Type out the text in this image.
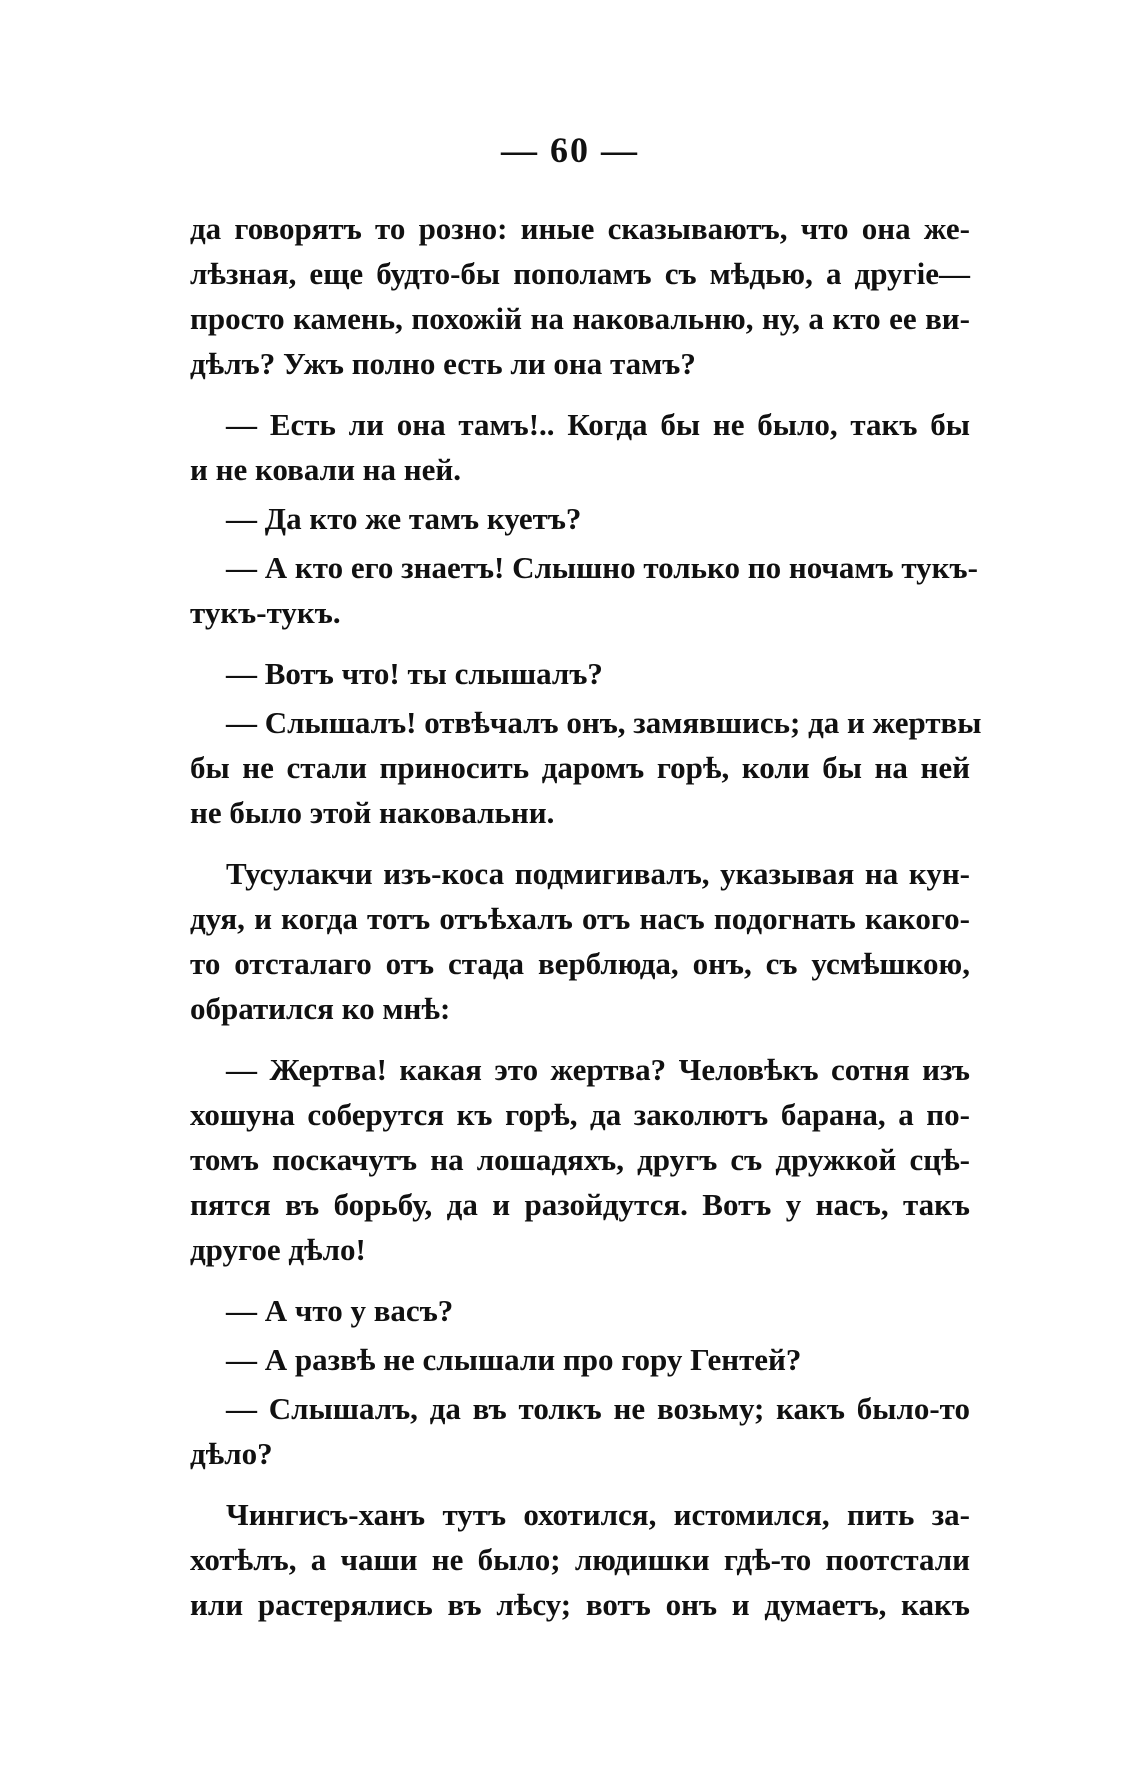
— 60 —

да говорятъ то розно: иные сказываютъ, что она же-
лѣзная, еще будто-бы пополамъ съ мѣдью, а другіе—
просто камень, похожій на наковальню, ну, а кто ее ви-
дѣлъ? Ужъ полно есть ли она тамъ?

— Есть ли она тамъ!.. Когда бы не было, такъ бы
и не ковали на ней.

— Да кто же тамъ куетъ?

— А кто его знаетъ! Слышно только по ночамъ тукъ-
тукъ-тукъ.

— Вотъ что! ты слышалъ?

— Слышалъ! отвѣчалъ онъ, замявшись; да и жертвы
бы не стали приносить даромъ горѣ, коли бы на ней
не было этой наковальни.

Тусулакчи изъ-коса подмигивалъ, указывая на кун-
дуя, и когда тотъ отъѣхалъ отъ насъ подогнать какого-
то отсталаго отъ стада верблюда, онъ, съ усмѣшкою,
обратился ко мнѣ:

— Жертва! какая это жертва? Человѣкъ сотня изъ
хошуна соберутся къ горѣ, да заколютъ барана, а по-
томъ поскачутъ на лошадяхъ, другъ съ дружкой сцѣ-
пятся въ борьбу, да и разойдутся. Вотъ у насъ, такъ
другое дѣло!

— А что у васъ?

— А развѣ не слышали про гору Гентей?

— Слышалъ, да въ толкъ не возьму; какъ было-то
дѣло?

Чингисъ-ханъ тутъ охотился, истомился, пить за-
хотѣлъ, а чаши не было; людишки гдѣ-то поотстали
или растерялись въ лѣсу; вотъ онъ и думаетъ, какъ
